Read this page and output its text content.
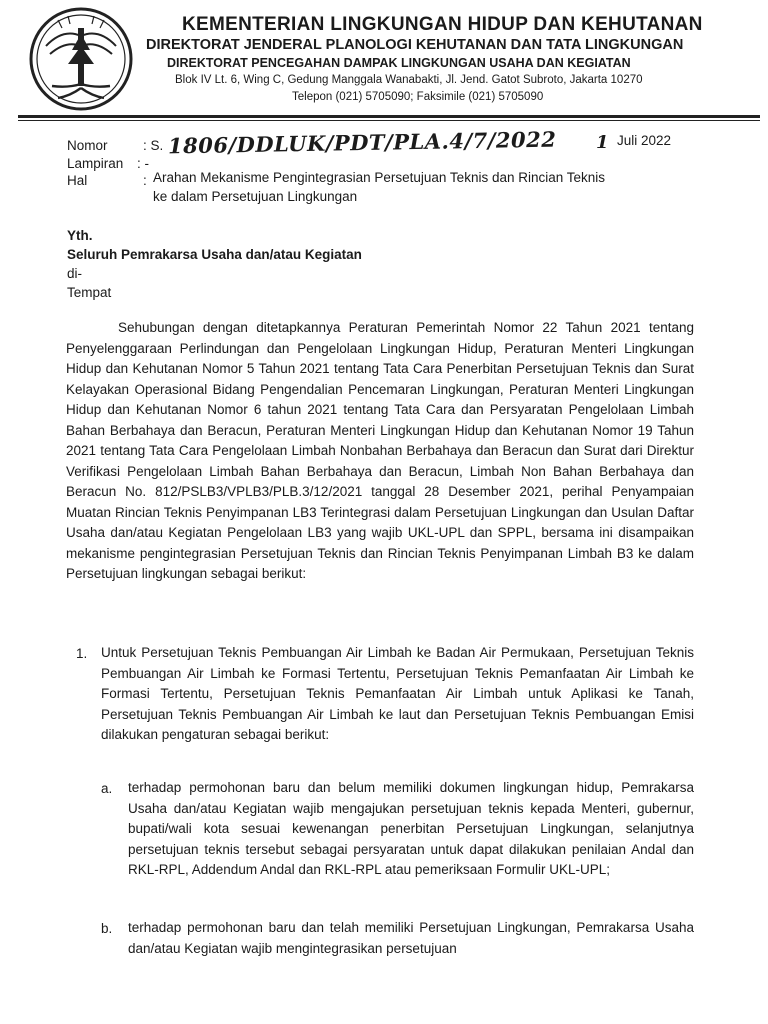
KEMENTERIAN LINGKUNGAN HIDUP DAN KEHUTANAN
DIREKTORAT JENDERAL PLANOLOGI KEHUTANAN DAN TATA LINGKUNGAN
DIREKTORAT PENCEGAHAN DAMPAK LINGKUNGAN USAHA DAN KEGIATAN
Blok IV Lt. 6, Wing C, Gedung Manggala Wanabakti, Jl. Jend. Gatot Subroto, Jakarta 10270
Telepon (021) 5705090; Faksimile (021) 5705090
Nomor	: S. 1806/DDLUK/PDT/PLA.4/7/2022 1 Juli 2022
Lampiran : -
Hal	: Arahan Mekanisme Pengintegrasian Persetujuan Teknis dan Rincian Teknis
ke dalam Persetujuan Lingkungan
Yth.
Seluruh Pemrakarsa Usaha dan/atau Kegiatan
di-
Tempat
Sehubungan dengan ditetapkannya Peraturan Pemerintah Nomor 22 Tahun 2021 tentang Penyelenggaraan Perlindungan dan Pengelolaan Lingkungan Hidup, Peraturan Menteri Lingkungan Hidup dan Kehutanan Nomor 5 Tahun 2021 tentang Tata Cara Penerbitan Persetujuan Teknis dan Surat Kelayakan Operasional Bidang Pengendalian Pencemaran Lingkungan, Peraturan Menteri Lingkungan Hidup dan Kehutanan Nomor 6 tahun 2021 tentang Tata Cara dan Persyaratan Pengelolaan Limbah Bahan Berbahaya dan Beracun, Peraturan Menteri Lingkungan Hidup dan Kehutanan Nomor 19 Tahun 2021 tentang Tata Cara Pengelolaan Limbah Nonbahan Berbahaya dan Beracun dan Surat dari Direktur Verifikasi Pengelolaan Limbah Bahan Berbahaya dan Beracun, Limbah Non Bahan Berbahaya dan Beracun No. 812/PSLB3/VPLB3/PLB.3/12/2021 tanggal 28 Desember 2021, perihal Penyampaian Muatan Rincian Teknis Penyimpanan LB3 Terintegrasi dalam Persetujuan Lingkungan dan Usulan Daftar Usaha dan/atau Kegiatan Pengelolaan LB3 yang wajib UKL-UPL dan SPPL, bersama ini disampaikan mekanisme pengintegrasian Persetujuan Teknis dan Rincian Teknis Penyimpanan Limbah B3 ke dalam Persetujuan lingkungan sebagai berikut:
1. Untuk Persetujuan Teknis Pembuangan Air Limbah ke Badan Air Permukaan, Persetujuan Teknis Pembuangan Air Limbah ke Formasi Tertentu, Persetujuan Teknis Pemanfaatan Air Limbah ke Formasi Tertentu, Persetujuan Teknis Pemanfaatan Air Limbah untuk Aplikasi ke Tanah, Persetujuan Teknis Pembuangan Air Limbah ke laut dan Persetujuan Teknis Pembuangan Emisi dilakukan pengaturan sebagai berikut:
a. terhadap permohonan baru dan belum memiliki dokumen lingkungan hidup, Pemrakarsa Usaha dan/atau Kegiatan wajib mengajukan persetujuan teknis kepada Menteri, gubernur, bupati/wali kota sesuai kewenangan penerbitan Persetujuan Lingkungan, selanjutnya persetujuan teknis tersebut sebagai persyaratan untuk dapat dilakukan penilaian Andal dan RKL-RPL, Addendum Andal dan RKL-RPL atau pemeriksaan Formulir UKL-UPL;
b. terhadap permohonan baru dan telah memiliki Persetujuan Lingkungan, Pemrakarsa Usaha dan/atau Kegiatan wajib mengintegrasikan persetujuan
